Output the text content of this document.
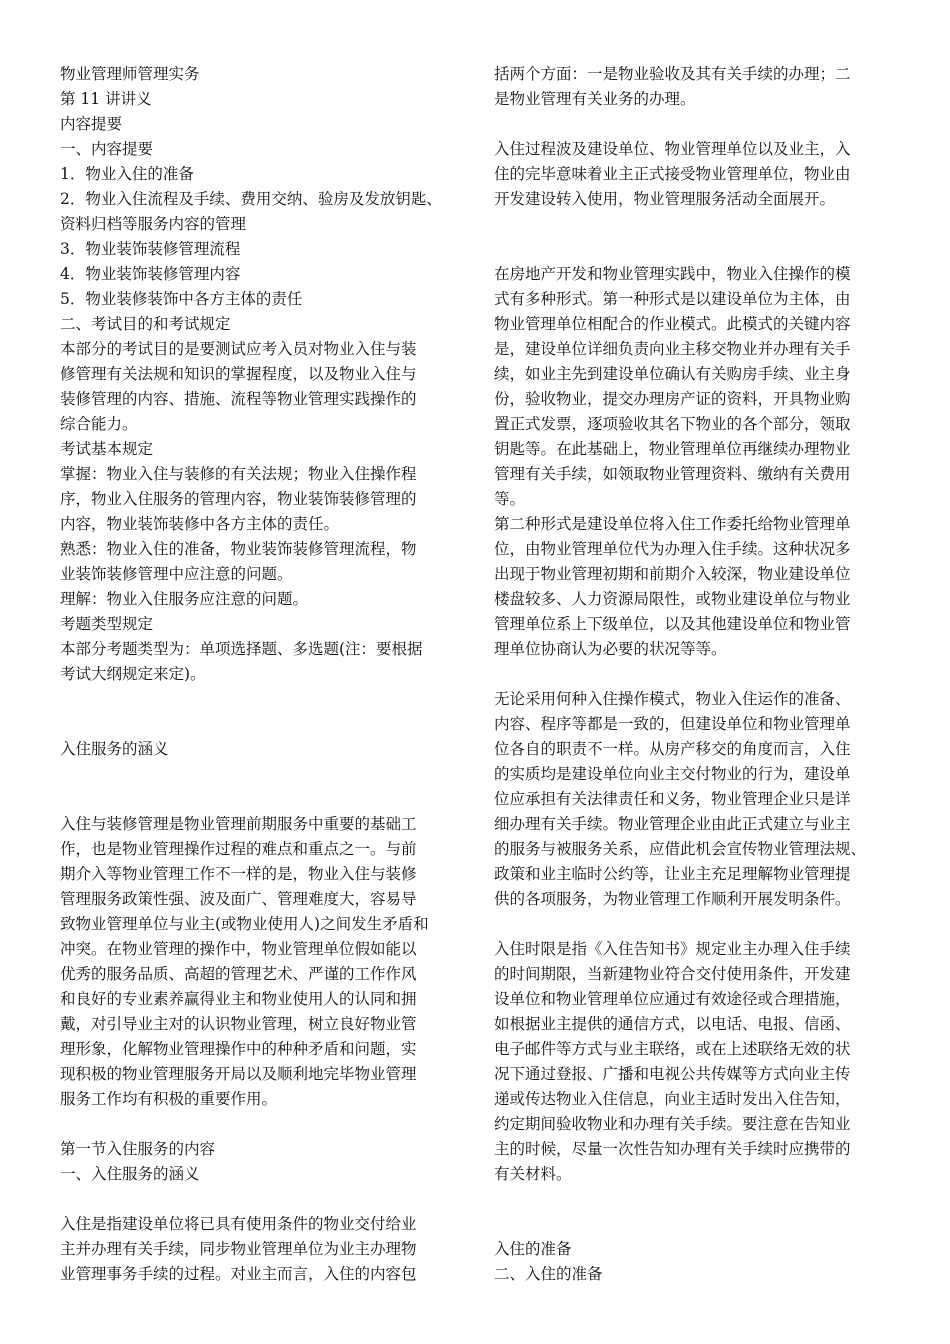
物业管理师管理实务
第 11 讲讲义
内容提要
一、内容提要
1．物业入住的准备
2．物业入住流程及手续、费用交纳、验房及发放钥匙、
资料归档等服务内容的管理
3．物业装饰装修管理流程
4．物业装饰装修管理内容
5．物业装修装饰中各方主体的责任
二、考试目的和考试规定
本部分的考试目的是要测试应考入员对物业入住与装
修管理有关法规和知识的掌握程度，以及物业入住与
装修管理的内容、措施、流程等物业管理实践操作的
综合能力。
考试基本规定
掌握：物业入住与装修的有关法规；物业入住操作程
序，物业入住服务的管理内容，物业装饰装修管理的
内容，物业装饰装修中各方主体的责任。
熟悉：物业入住的准备，物业装饰装修管理流程，物
业装饰装修管理中应注意的问题。
理解：物业入住服务应注意的问题。
考题类型规定
本部分考题类型为：单项选择题、多选题(注：要根据
考试大纲规定来定)。
入住服务的涵义
入住与装修管理是物业管理前期服务中重要的基础工
作，也是物业管理操作过程的难点和重点之一。与前
期介入等物业管理工作不一样的是，物业入住与装修
管理服务政策性强、波及面广、管理难度大，容易导
致物业管理单位与业主(或物业使用人)之间发生矛盾和
冲突。在物业管理的操作中，物业管理单位假如能以
优秀的服务品质、高超的管理艺术、严谨的工作作风
和良好的专业素养赢得业主和物业使用人的认同和拥
戴，对引导业主对的认识物业管理，树立良好物业管
理形象，化解物业管理操作中的种种矛盾和问题，实
现积极的物业管理服务开局以及顺利地完毕物业管理
服务工作均有积极的重要作用。
第一节入住服务的内容
一、入住服务的涵义
入住是指建设单位将已具有使用条件的物业交付给业
主并办理有关手续，同步物业管理单位为业主办理物
业管理事务手续的过程。对业主而言，入住的内容包
括两个方面：一是物业验收及其有关手续的办理；二
是物业管理有关业务的办理。
入住过程波及建设单位、物业管理单位以及业主，入
住的完毕意味着业主正式接受物业管理单位，物业由
开发建设转入使用，物业管理服务活动全面展开。
在房地产开发和物业管理实践中，物业入住操作的模
式有多种形式。第一种形式是以建设单位为主体，由
物业管理单位相配合的作业模式。此模式的关键内容
是，建设单位详细负责向业主移交物业并办理有关手
续，如业主先到建设单位确认有关购房手续、业主身
份，验收物业，提交办理房产证的资料，开具物业购
置正式发票，逐项验收其名下物业的各个部分，领取
钥匙等。在此基础上，物业管理单位再继续办理物业
管理有关手续，如领取物业管理资料、缴纳有关费用
等。
第二种形式是建设单位将入住工作委托给物业管理单
位，由物业管理单位代为办理入住手续。这种状况多
出现于物业管理初期和前期介入较深，物业建设单位
楼盘较多、人力资源局限性，或物业建设单位与物业
管理单位系上下级单位，以及其他建设单位和物业管
理单位协商认为必要的状况等等。
无论采用何种入住操作模式，物业入住运作的准备、
内容、程序等都是一致的，但建设单位和物业管理单
位各自的职责不一样。从房产移交的角度而言，入住
的实质均是建设单位向业主交付物业的行为，建设单
位应承担有关法律责任和义务，物业管理企业只是详
细办理有关手续。物业管理企业由此正式建立与业主
的服务与被服务关系，应借此机会宣传物业管理法规、
政策和业主临时公约等，让业主充足理解物业管理提
供的各项服务，为物业管理工作顺利开展发明条件。
入住时限是指《入住告知书》规定业主办理入住手续
的时间期限，当新建物业符合交付使用条件，开发建
设单位和物业管理单位应通过有效途径或合理措施，
如根据业主提供的通信方式，以电话、电报、信函、
电子邮件等方式与业主联络，或在上述联络无效的状
况下通过登报、广播和电视公共传媒等方式向业主传
递或传达物业入住信息，向业主适时发出入住告知，
约定期间验收物业和办理有关手续。要注意在告知业
主的时候，尽量一次性告知办理有关手续时应携带的
有关材料。
入住的准备
二、入住的准备
